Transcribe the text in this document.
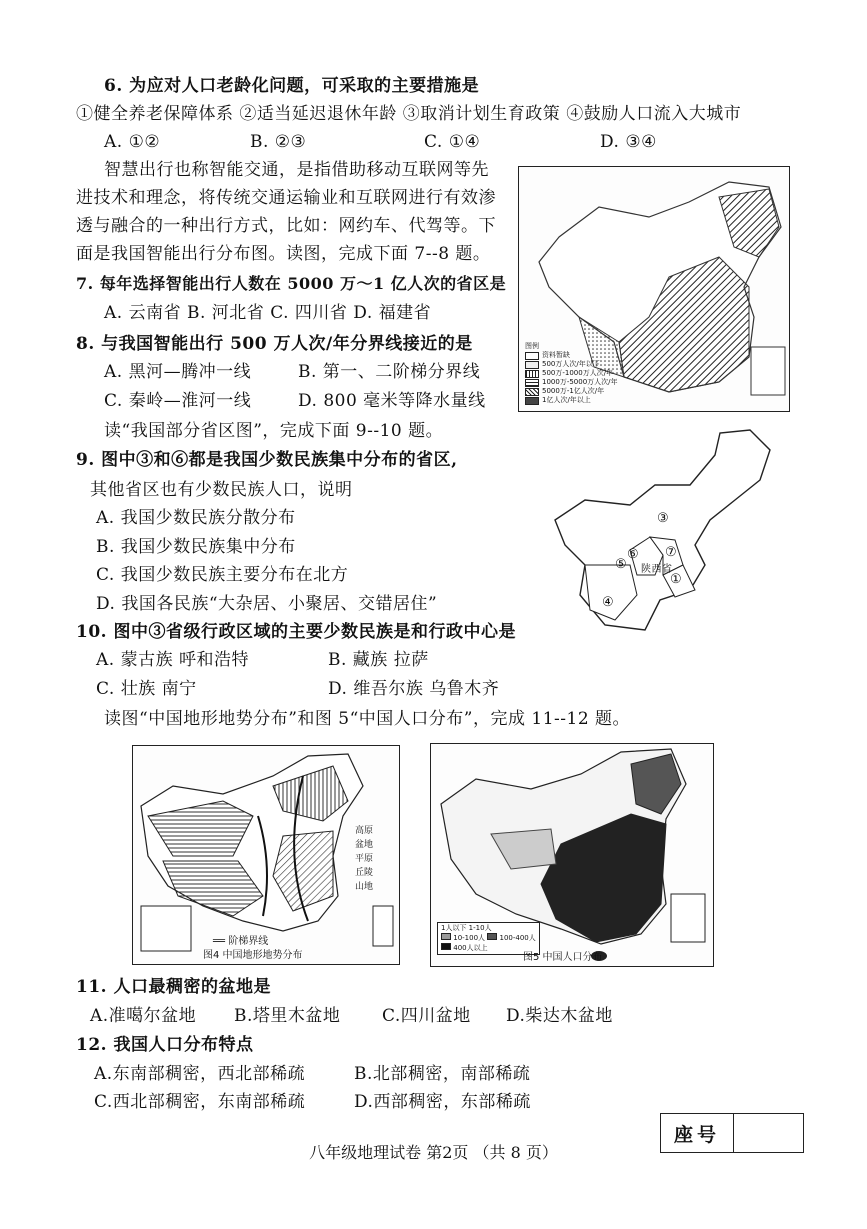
6. 为应对人口老龄化问题，可采取的主要措施是
①健全养老保障体系 ②适当延迟退休年龄 ③取消计划生育政策 ④鼓励人口流入大城市
A. ①②	B. ②③	C. ①④	D. ③④
智慧出行也称智能交通，是指借助移动互联网等先
进技术和理念，将传统交通运输业和互联网进行有效渗
透与融合的一种出行方式，比如：网约车、代驾等。下
面是我国智能出行分布图。读图，完成下面 7--8 题。
7. 每年选择智能出行人数在 5000 万～1 亿人次的省区是
A. 云南省 B. 河北省 C. 四川省 D. 福建省
8. 与我国智能出行 500 万人次/年分界线接近的是
A. 黑河—腾冲一线	B. 第一、二阶梯分界线
C. 秦岭—淮河一线	D. 800 毫米等降水量线
图例
资料暂缺
500万人次/年以下
500万-1000万人次/年
1000万-5000万人次/年
5000万-1亿人次/年
1亿人次/年以上
读“我国部分省区图”，完成下面 9--10 题。
9. 图中③和⑥都是我国少数民族集中分布的省区,
其他省区也有少数民族人口，说明
A. 我国少数民族分散分布
B. 我国少数民族集中分布
C. 我国少数民族主要分布在北方
D. 我国各民族“大杂居、小聚居、交错居住”
③
⑦
⑥
⑤ 陕西省
①
④
10. 图中③省级行政区域的主要少数民族是和行政中心是
A. 蒙古族 呼和浩特	B. 藏族 拉萨
C. 壮族 南宁	D. 维吾尔族 乌鲁木齐
读图“中国地形地势分布”和图 5“中国人口分布”，完成 11--12 题。
高原
盆地
平原
丘陵
山地
══ 阶梯界线
图4 中国地形地势分布
1人以下 1-10人
10-100人 100-400人
400人以上
图5 中国人口分布
11. 人口最稠密的盆地是
A.准噶尔盆地 B.塔里木盆地 C.四川盆地 D.柴达木盆地
12. 我国人口分布特点
A.东南部稠密，西北部稀疏	B.北部稠密，南部稀疏
C.西北部稠密，东南部稀疏	D.西部稠密，东部稀疏
座号
八年级地理试卷 第2页 （共 8 页）
